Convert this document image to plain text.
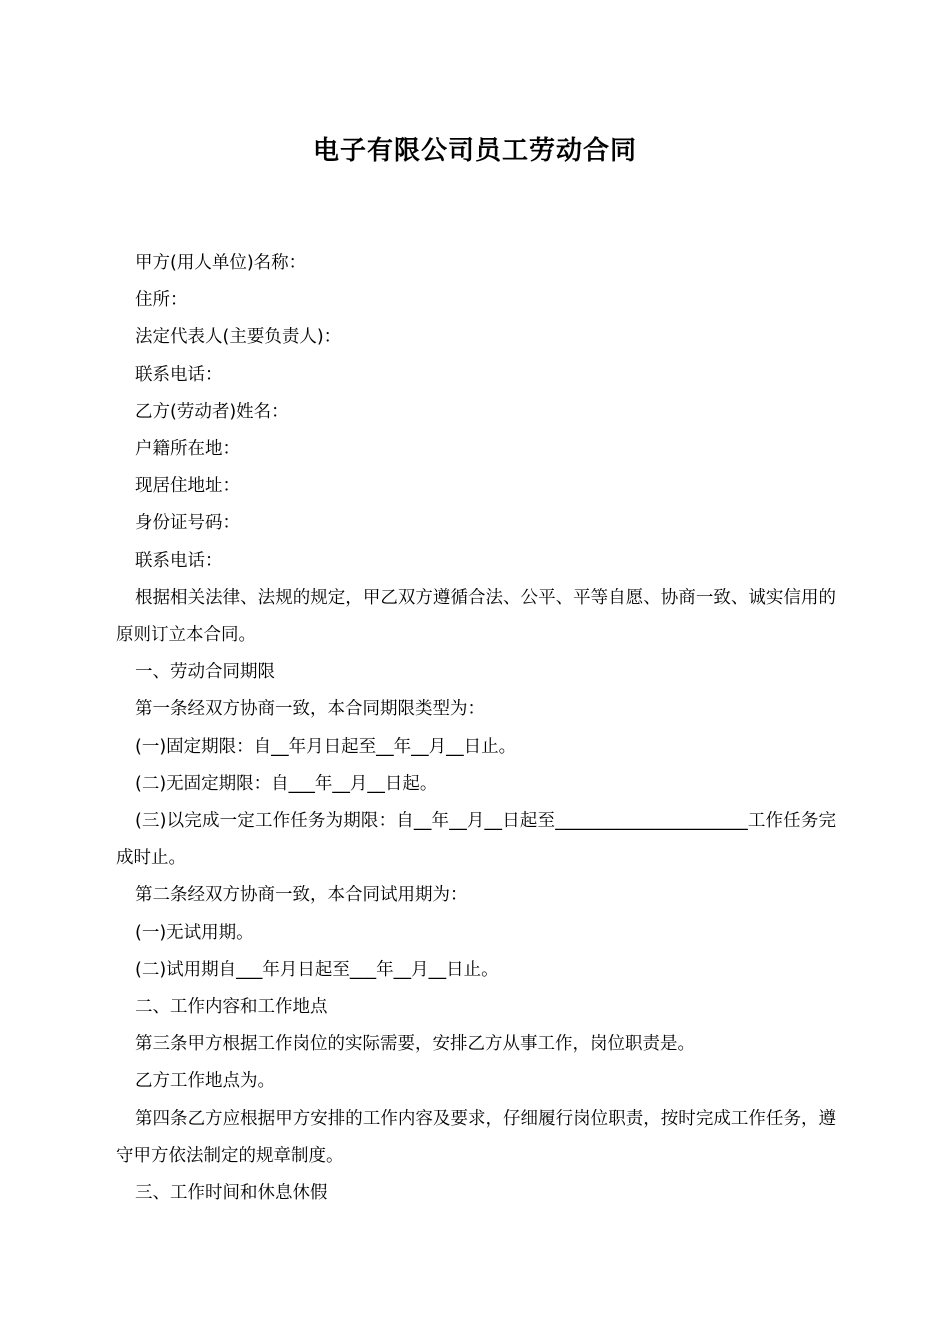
电子有限公司员工劳动合同

甲方(用人单位)名称：

住所：

法定代表人(主要负责人)：

联系电话：

乙方(劳动者)姓名：

户籍所在地：

现居住地址：

身份证号码：

联系电话：

根据相关法律、法规的规定，甲乙双方遵循合法、公平、平等自愿、协商一致、诚实信用的原则订立本合同。

一、劳动合同期限

第一条经双方协商一致，本合同期限类型为：

(一)固定期限：自__年月日起至__年__月__日止。

(二)无固定期限：自___年__月__日起。

(三)以完成一定工作任务为期限：自__年__月__日起至______________________工作任务完成时止。

第二条经双方协商一致，本合同试用期为：

(一)无试用期。

(二)试用期自___年月日起至___年__月__日止。

二、工作内容和工作地点

第三条甲方根据工作岗位的实际需要，安排乙方从事工作，岗位职责是。

乙方工作地点为。

第四条乙方应根据甲方安排的工作内容及要求，仔细履行岗位职责，按时完成工作任务，遵守甲方依法制定的规章制度。

三、工作时间和休息休假
